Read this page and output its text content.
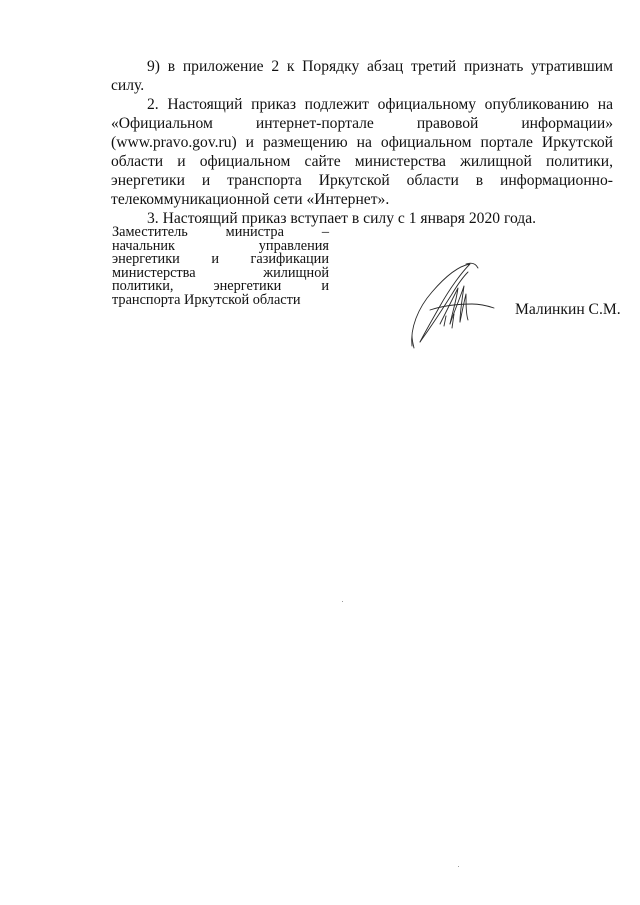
9) в приложение 2 к Порядку абзац третий признать утратившим силу.

2. Настоящий приказ подлежит официальному опубликованию на «Официальном интернет-портале правовой информации» (www.pravo.gov.ru) и размещению на официальном портале Иркутской области и официальном сайте министерства жилищной политики, энергетики и транспорта Иркутской области в информационно-телекоммуникационной сети «Интернет».

3. Настоящий приказ вступает в силу с 1 января 2020 года.

Заместитель министра –
начальник управления
энергетики и газификации
министерства жилищной
политики, энергетики и
транспорта Иркутской области
Малинкин С.М.
